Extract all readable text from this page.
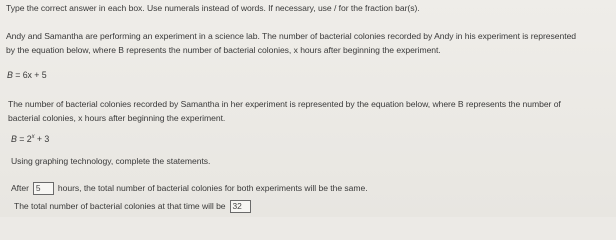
Type the correct answer in each box. Use numerals instead of words. If necessary, use / for the fraction bar(s).
Andy and Samantha are performing an experiment in a science lab. The number of bacterial colonies recorded by Andy in his experiment is represented
by the equation below, where B represents the number of bacterial colonies, x hours after beginning the experiment.
B = 6x + 5
The number of bacterial colonies recorded by Samantha in her experiment is represented by the equation below, where B represents the number of
bacterial colonies, x hours after beginning the experiment.
$B = 2^x + 3$
Using graphing technology, complete the statements.
After 5 hours, the total number of bacterial colonies for both experiments will be the same.
The total number of bacterial colonies at that time will be 32
